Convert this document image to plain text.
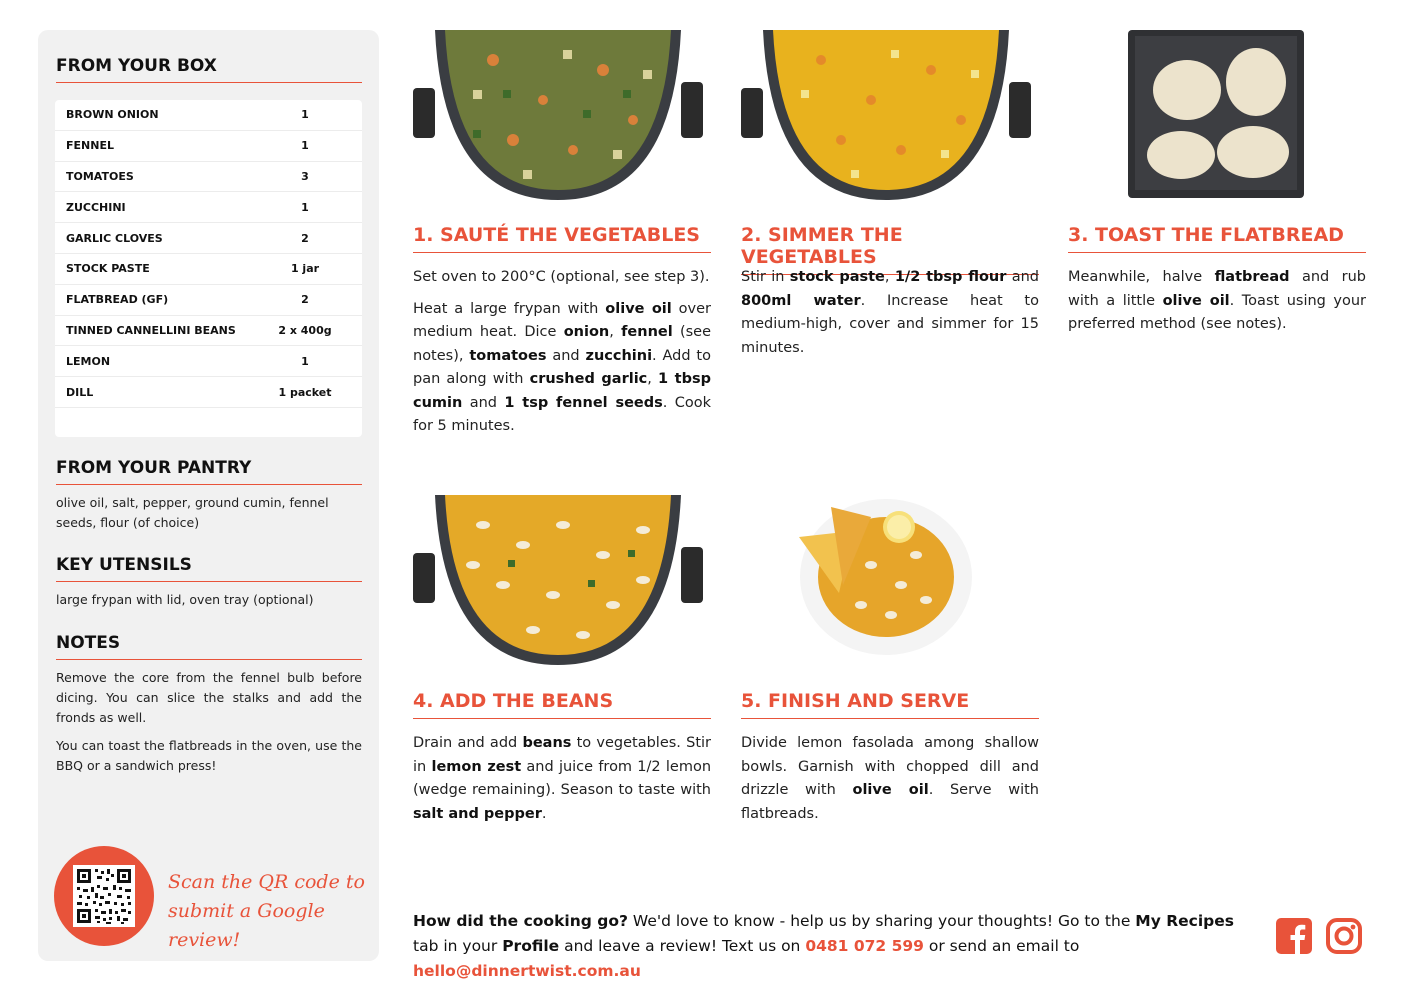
FROM YOUR BOX
BROWN ONION	1
FENNEL	1
TOMATOES	3
ZUCCHINI	1
GARLIC CLOVES	2
STOCK PASTE	1 jar
FLATBREAD (GF)	2
TINNED CANNELLINI BEANS	2 x 400g
LEMON	1
DILL	1 packet
FROM YOUR PANTRY
olive oil, salt, pepper, ground cumin, fennel seeds, flour (of choice)
KEY UTENSILS
large frypan with lid, oven tray (optional)
NOTES

Remove the core from the fennel bulb before dicing. You can slice the stalks and add the fronds as well.

You can toast the flatbreads in the oven, use the BBQ or a sandwich press!

Scan the QR code to
submit a Google review!
1. SAUTÉ THE VEGETABLES

Set oven to 200°C (optional, see step 3).

Heat a large frypan with olive oil over medium heat. Dice onion, fennel (see notes), tomatoes and zucchini. Add to pan along with crushed garlic, 1 tbsp cumin and 1 tsp fennel seeds. Cook for 5 minutes.

2. SIMMER THE VEGETABLES

Stir in stock paste, 1/2 tbsp flour and 800ml water. Increase heat to medium-high, cover and simmer for 15 minutes.

3. TOAST THE FLATBREAD

Meanwhile, halve flatbread and rub with a little olive oil. Toast using your preferred method (see notes).

4. ADD THE BEANS

Drain and add beans to vegetables. Stir in lemon zest and juice from 1/2 lemon (wedge remaining). Season to taste with salt and pepper.

5. FINISH AND SERVE

Divide lemon fasolada among shallow bowls. Garnish with chopped dill and drizzle with olive oil. Serve with flatbreads.

How did the cooking go? We'd love to know - help us by sharing your thoughts! Go to the My Recipes tab in your Profile and leave a review! Text us on 0481 072 599 or send an email to hello@dinnertwist.com.au
